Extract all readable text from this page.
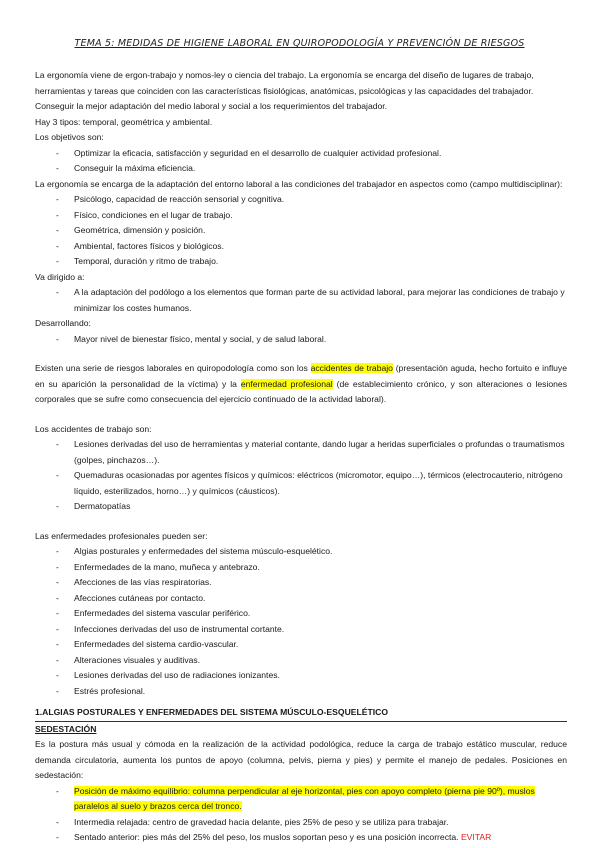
TEMA 5: MEDIDAS DE HIGIENE LABORAL EN QUIROPODOLOGÍA Y PREVENCIÓN DE RIESGOS

La ergonomía viene de ergon-trabajo y nomos-ley o ciencia del trabajo. La ergonomía se encarga del diseño de lugares de trabajo, herramientas y tareas que coinciden con las características fisiológicas, anatómicas, psicológicas y las capacidades del trabajador.

Conseguir la mejor adaptación del medio laboral y social a los requerimientos del trabajador.

Hay 3 tipos: temporal, geométrica y ambiental.

Los objetivos son:

- Optimizar la eficacia, satisfacción y seguridad en el desarrollo de cualquier actividad profesional.
- Conseguir la máxima eficiencia.

La ergonomía se encarga de la adaptación del entorno laboral a las condiciones del trabajador en aspectos como (campo multidisciplinar):

- Psicólogo, capacidad de reacción sensorial y cognitiva.
- Físico, condiciones en el lugar de trabajo.
- Geométrica, dimensión y posición.
- Ambiental, factores físicos y biológicos.
- Temporal, duración y ritmo de trabajo.

Va dirigido a:

- A la adaptación del podólogo a los elementos que forman parte de su actividad laboral, para mejorar las condiciones de trabajo y minimizar los costes humanos.

Desarrollando:

- Mayor nivel de bienestar físico, mental y social, y de salud laboral.

Existen una serie de riesgos laborales en quiropodología como son los accidentes de trabajo (presentación aguda, hecho fortuito e influye en su aparición la personalidad de la víctima) y la enfermedad profesional (de establecimiento crónico, y son alteraciones o lesiones corporales que se sufre como consecuencia del ejercicio continuado de la actividad laboral).

Los accidentes de trabajo son:

- Lesiones derivadas del uso de herramientas y material contante, dando lugar a heridas superficiales o profundas o traumatismos (golpes, pinchazos…).
- Quemaduras ocasionadas por agentes físicos y químicos: eléctricos (micromotor, equipo…), térmicos (electrocauterio, nitrógeno líquido, esterilizados, horno…) y químicos (cáusticos).
- Dermatopatías

Las enfermedades profesionales pueden ser:

- Algias posturales y enfermedades del sistema músculo-esquelético.
- Enfermedades de la mano, muñeca y antebrazo.
- Afecciones de las vías respiratorias.
- Afecciones cutáneas por contacto.
- Enfermedades del sistema vascular periférico.
- Infecciones derivadas del uso de instrumental cortante.
- Enfermedades del sistema cardio-vascular.
- Alteraciones visuales y auditivas.
- Lesiones derivadas del uso de radiaciones ionizantes.
- Estrés profesional.
1.ALGIAS POSTURALES Y ENFERMEDADES DEL SISTEMA MÚSCULO-ESQUELÉTICO
SEDESTACIÓN

Es la postura más usual y cómoda en la realización de la actividad podológica, reduce la carga de trabajo estático muscular, reduce demanda circulatoria, aumenta los puntos de apoyo (columna, pelvis, pierna y pies) y permite el manejo de pedales. Posiciones en sedestación:

- Posición de máximo equilibrio: columna perpendicular al eje horizontal, pies con apoyo completo (pierna pie 90º), muslos paralelos al suelo y brazos cerca del tronco.
- Intermedia relajada: centro de gravedad hacia delante, pies 25% de peso y se utiliza para trabajar.
- Sentado anterior: pies más del 25% del peso, los muslos soportan peso y es una posición incorrecta. EVITAR
